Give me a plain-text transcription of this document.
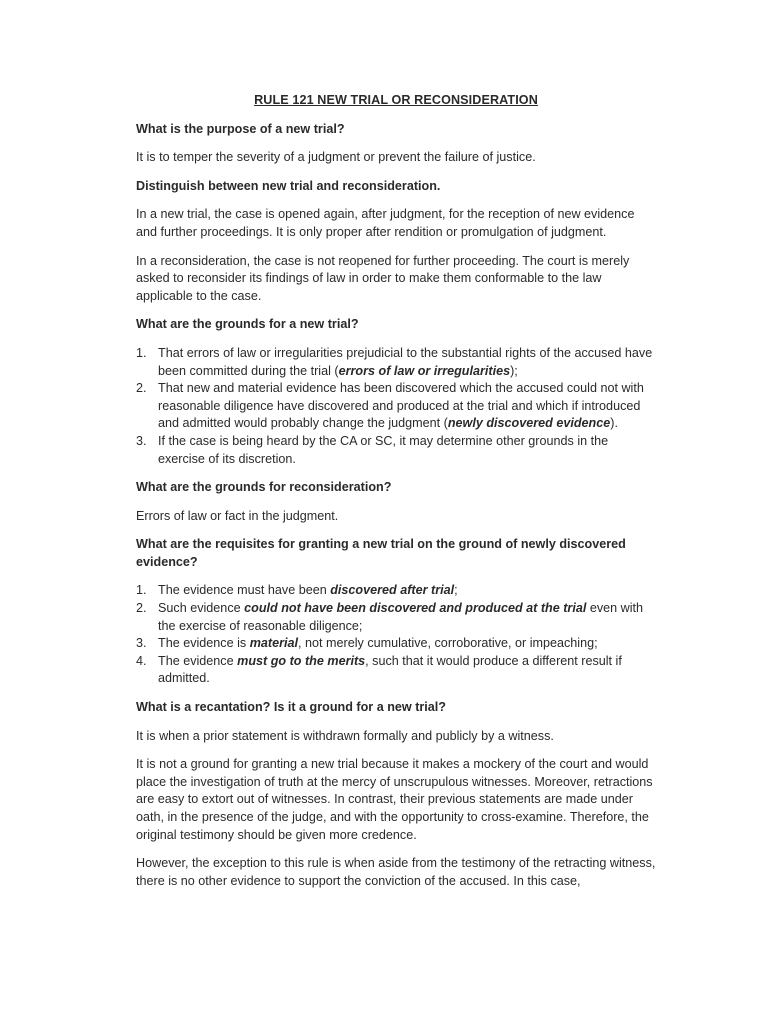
RULE 121 NEW TRIAL OR RECONSIDERATION
What is the purpose of a new trial?
It is to temper the severity of a judgment or prevent the failure of justice.
Distinguish between new trial and reconsideration.
In a new trial, the case is opened again, after judgment, for the reception of new evidence and further proceedings. It is only proper after rendition or promulgation of judgment.
In a reconsideration, the case is not reopened for further proceeding. The court is merely asked to reconsider its findings of law in order to make them conformable to the law applicable to the case.
What are the grounds for a new trial?
1. That errors of law or irregularities prejudicial to the substantial rights of the accused have been committed during the trial (errors of law or irregularities);
2. That new and material evidence has been discovered which the accused could not with reasonable diligence have discovered and produced at the trial and which if introduced and admitted would probably change the judgment (newly discovered evidence).
3. If the case is being heard by the CA or SC, it may determine other grounds in the exercise of its discretion.
What are the grounds for reconsideration?
Errors of law or fact in the judgment.
What are the requisites for granting a new trial on the ground of newly discovered evidence?
1. The evidence must have been discovered after trial;
2. Such evidence could not have been discovered and produced at the trial even with the exercise of reasonable diligence;
3. The evidence is material, not merely cumulative, corroborative, or impeaching;
4. The evidence must go to the merits, such that it would produce a different result if admitted.
What is a recantation? Is it a ground for a new trial?
It is when a prior statement is withdrawn formally and publicly by a witness.
It is not a ground for granting a new trial because it makes a mockery of the court and would place the investigation of truth at the mercy of unscrupulous witnesses. Moreover, retractions are easy to extort out of witnesses. In contrast, their previous statements are made under oath, in the presence of the judge, and with the opportunity to cross-examine. Therefore, the original testimony should be given more credence.
However, the exception to this rule is when aside from the testimony of the retracting witness, there is no other evidence to support the conviction of the accused. In this case,
